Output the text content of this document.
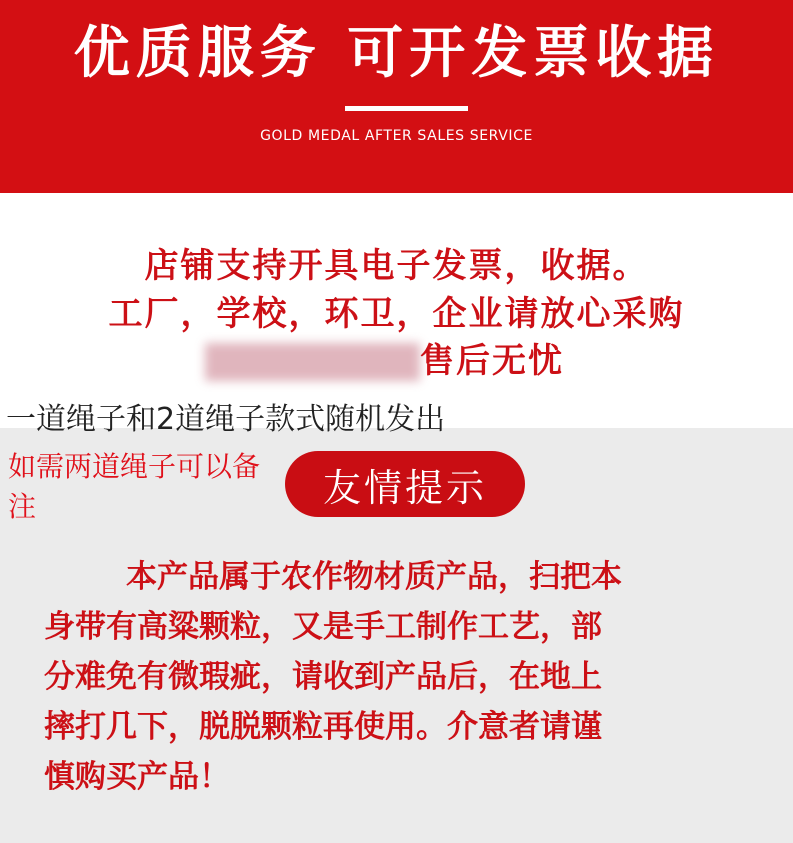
优质服务 可开发票收据
GOLD MEDAL AFTER SALES SERVICE
店铺支持开具电子发票，收据。
工厂，学校，环卫，企业请放心采购
售后无忧
一道绳子和2道绳子款式随机发出
如需两道绳子可以备注	友情提示
本产品属于农作物材质产品，扫把本
身带有高粱颗粒，又是手工制作工艺，部
分难免有微瑕疵，请收到产品后，在地上
摔打几下，脱脱颗粒再使用。介意者请谨
慎购买产品！
